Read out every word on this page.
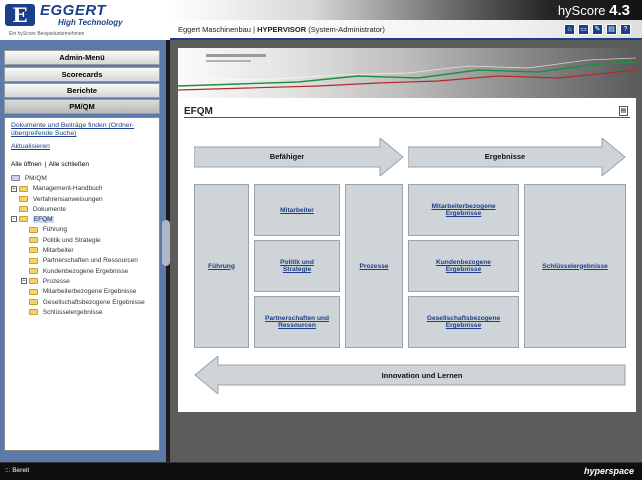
E EGGERT
High Technology
Ein hyScore Beispielunternehmen	Eggert Maschinenbau | HYPERVISOR (System-Administrator)
hyScore 4.3
⌂	▭	✎	▤	?
Admin-Menü
Scorecards
Berichte
PM/QM
Dokumente und Beiträge finden (Ordner-übergreifende Suche)
Aktualisieren
Alle öffnen | Alle schließen
PM/QM
+	Management-Handbuch
Verfahrensanweisungen
Dokumente
−	EFQM
Führung
Politik und Strategie
Mitarbeiter
Partnerschaften und Ressourcen
Kundenbezogene Ergebnisse
+	Prozesse
Mitarbeiterbezogene Ergebnisse
Gesellschaftsbezogene Ergebnisse
Schlüsselergebnisse
EFQM	▤
Befähiger	Ergebnisse
Führung
Mitarbeiter
Politik und Strategie
Partnerschaften und Ressourcen
Prozesse
Mitarbeiterbezogene Ergebnisse
Kundenbezogene Ergebnisse
Gesellschaftsbezogene Ergebnisse
Schlüsselergebnisse
Innovation und Lernen
::: Bereit	hyperspace
